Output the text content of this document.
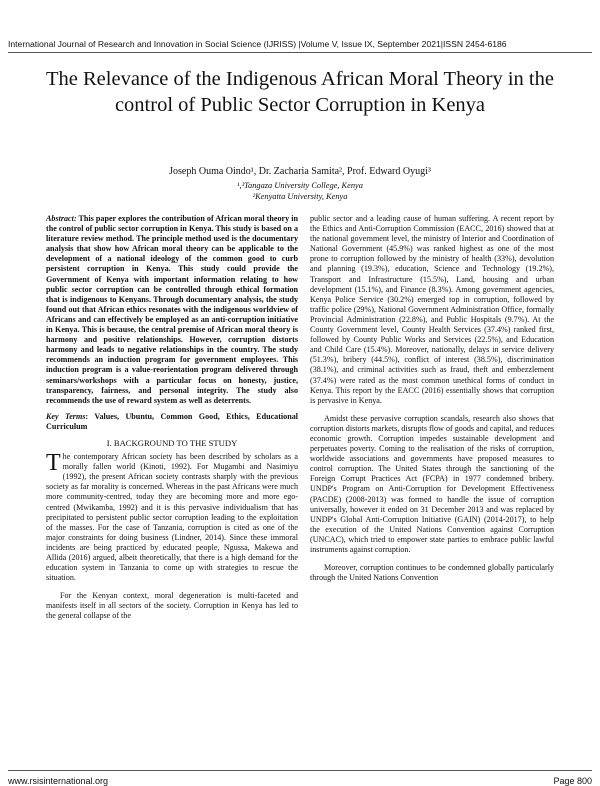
International Journal of Research and Innovation in Social Science (IJRISS) |Volume V, Issue IX, September 2021|ISSN 2454-6186
The Relevance of the Indigenous African Moral Theory in the control of Public Sector Corruption in Kenya
Joseph Ouma Oindo¹, Dr. Zacharia Samita², Prof. Edward Oyugi³
¹,³Tangaza University College, Kenya
²Kenyatta University, Kenya

Abstract: This paper explores the contribution of African moral theory in the control of public sector corruption in Kenya. This study is based on a literature review method. The principle method used is the documentary analysis that show how African moral theory can be applicable to the development of a national ideology of the common good to curb persistent corruption in Kenya. This study could provide the Government of Kenya with important information relating to how public sector corruption can be controlled through ethical formation that is indigenous to Kenyans. Through documentary analysis, the study found out that African ethics resonates with the indigenous worldview of Africans and can effectively be employed as an anti-corruption initiative in Kenya. This is because, the central premise of African moral theory is harmony and positive relationships. However, corruption distorts harmony and leads to negative relationships in the country. The study recommends an induction program for government employees. This induction program is a value-reorientation program delivered through seminars/workshops with a particular focus on honesty, justice, transparency, fairness, and personal integrity. The study also recommends the use of reward system as well as deterrents.

Key Terms: Values, Ubuntu, Common Good, Ethics, Educational Curriculum

I. BACKGROUND TO THE STUDY

The contemporary African society has been described by scholars as a morally fallen world (Kinoti, 1992). For Mugambi and Nasimiyu (1992), the present African society contrasts sharply with the previous society as far morality is concerned. Whereas in the past Africans were much more community-centred, today they are becoming more and more ego-centred (Mwikamba, 1992) and it is this pervasive individualism that has precipitated to persistent public sector corruption leading to the exploitation of the masses. For the case of Tanzania, corruption is cited as one of the major constraints for doing business (Lindner, 2014). Since these immoral incidents are being practiced by educated people, Ngussa, Makewa and Allida (2016) argued, albeit theoretically, that there is a high demand for the education system in Tanzania to come up with strategies to rescue the situation.

For the Kenyan context, moral degeneration is multi-faceted and manifests itself in all sectors of the society. Corruption in Kenya has led to the general collapse of the

public sector and a leading cause of human suffering. A recent report by the Ethics and Anti-Corruption Commission (EACC, 2016) showed that at the national government level, the ministry of Interior and Coordination of National Government (45.9%) was ranked highest as one of the most prone to corruption followed by the ministry of health (33%), devolution and planning (19.3%), education, Science and Technology (19.2%), Transport and Infrastructure (15.5%), Land, housing and urban development (15.1%), and Finance (8.3%). Among government agencies, Kenya Police Service (30.2%) emerged top in corruption, followed by traffic police (29%), National Government Administration Office, formally Provincial Administration (22.8%), and Public Hospitals (9.7%). At the County Government level, County Health Services (37.4%) ranked first, followed by County Public Works and Services (22.5%), and Education and Child Care (15.4%). Moreover, nationally, delays in service delivery (51.3%), bribery (44.5%), conflict of interest (38.5%), discrimination (38.1%), and criminal activities such as fraud, theft and embezzlement (37.4%) were rated as the most common unethical forms of conduct in Kenya. This report by the EACC (2016) essentially shows that corruption is pervasive in Kenya.

Amidst these pervasive corruption scandals, research also shows that corruption distorts markets, disrupts flow of goods and capital, and reduces economic growth. Corruption impedes sustainable development and perpetuates poverty. Coming to the realisation of the risks of corruption, worldwide associations and governments have proposed measures to control corruption. The United States through the sanctioning of the Foreign Corrupt Practices Act (FCPA) in 1977 condemned bribery. UNDP's Program on Anti-Corruption for Development Effectiveness (PACDE) (2008-2013) was formed to handle the issue of corruption universally, however it ended on 31 December 2013 and was replaced by UNDP's Global Anti-Corruption Initiative (GAIN) (2014-2017), to help the execution of the United Nations Convention against Corruption (UNCAC), which tried to empower state parties to embrace public lawful instruments against corruption.

Moreover, corruption continues to be condemned globally particularly through the United Nations Convention

www.rsisinternational.org	Page 800
